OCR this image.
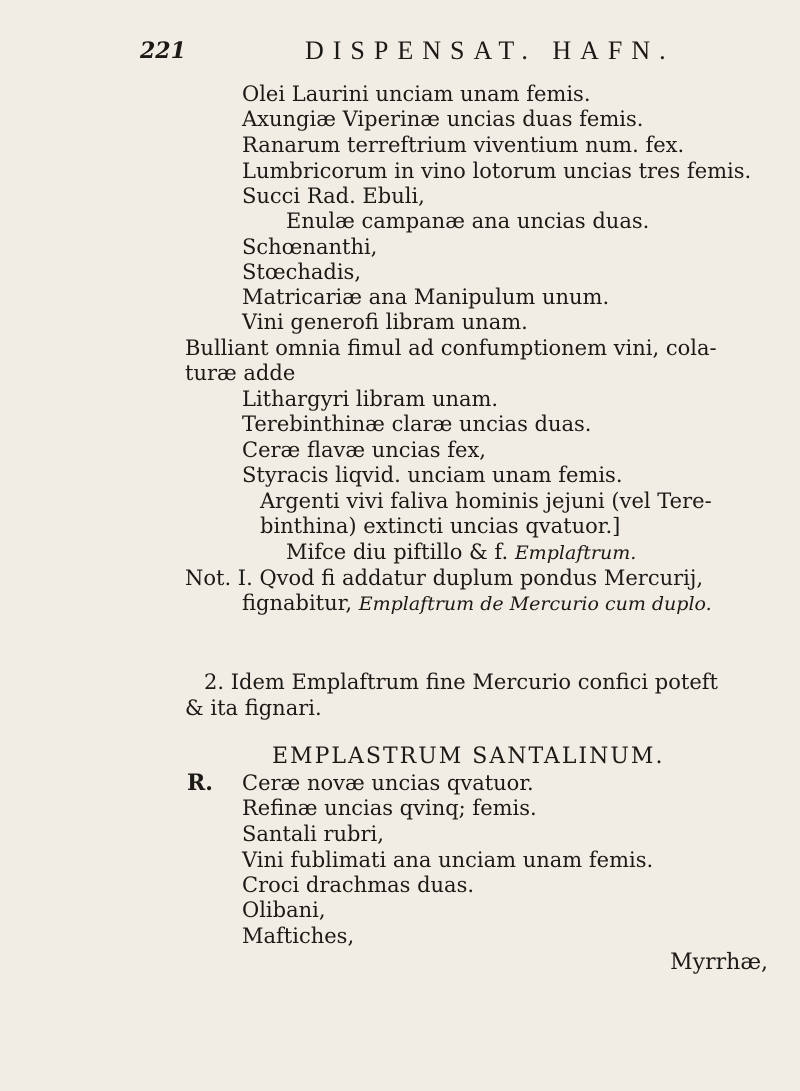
221	DISPENSAT. HAFN.
Olei Laurini unciam unam femis.
Axungiæ Viperinæ uncias duas femis.
Ranarum terreftrium viventium num. fex.
Lumbricorum in vino lotorum uncias tres femis.
Succi Rad. Ebuli,
Enulæ campanæ ana uncias duas.
Schœnanthi,
Stœchadis,
Matricariæ ana Manipulum unum.
Vini generofi libram unam.
Bulliant omnia fimul ad confumptionem vini, cola-
turæ adde
Lithargyri libram unam.
Terebinthinæ claræ uncias duas.
Ceræ flavæ uncias fex,
Styracis liqvid. unciam unam femis.
Argenti vivi faliva hominis jejuni (vel Tere-
binthina) extincti uncias qvatuor.]
Mifce diu piftillo & f. Emplaftrum.
Not. I. Qvod fi addatur duplum pondus Mercurij,
fignabitur, Emplaftrum de Mercurio cum duplo.
2. Idem Emplaftrum fine Mercurio confici poteft
& ita fignari.
EMPLASTRUM SANTALINUM.
R. Ceræ novæ uncias qvatuor.
Refinæ uncias qvinq; femis.
Santali rubri,
Vini fublimati ana unciam unam femis.
Croci drachmas duas.
Olibani,
Maftiches,
Myrrhæ,
